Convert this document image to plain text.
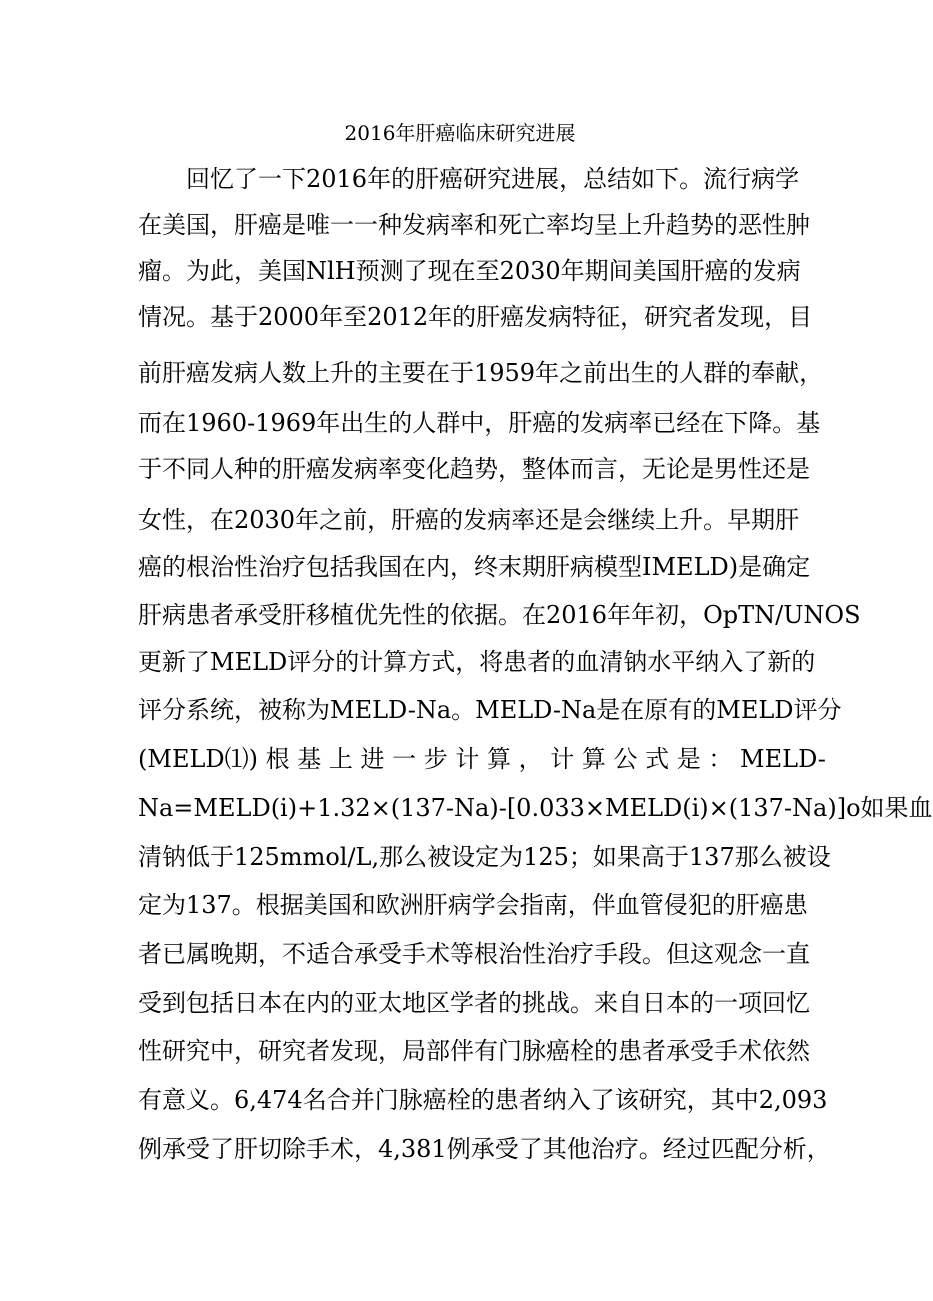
2016年肝癌临床研究进展
回忆了一下2016年的肝癌研究进展，总结如下。流行病学
在美国，肝癌是唯一一种发病率和死亡率均呈上升趋势的恶性肿
瘤。为此，美国NlH预测了现在至2030年期间美国肝癌的发病
情况。基于2000年至2012年的肝癌发病特征，研究者发现，目
前肝癌发病人数上升的主要在于1959年之前出生的人群的奉献，
而在1960-1969年出生的人群中，肝癌的发病率已经在下降。基
于不同人种的肝癌发病率变化趋势，整体而言，无论是男性还是
女性，在2030年之前，肝癌的发病率还是会继续上升。早期肝
癌的根治性治疗包括我国在内，终末期肝病模型IMELD)是确定
肝病患者承受肝移植优先性的依据。在2016年年初，OpTN/UNOS
更新了MELD评分的计算方式，将患者的血清钠水平纳入了新的
评分系统，被称为MELD-Na。MELD-Na是在原有的MELD评分
(MELD⑴) 根 基 上 进 一 步 计 算 ， 计 算 公 式 是 ： MELD-
Na=MELD(i)+1.32×(137-Na)-[0.033×MELD(i)×(137-Na)]o如果血
清钠低于125mmol∕L,那么被设定为125；如果高于137那么被设
定为137。根据美国和欧洲肝病学会指南，伴血管侵犯的肝癌患
者已属晚期，不适合承受手术等根治性治疗手段。但这观念一直
受到包括日本在内的亚太地区学者的挑战。来自日本的一项回忆
性研究中，研究者发现，局部伴有门脉癌栓的患者承受手术依然
有意义。6,474名合并门脉癌栓的患者纳入了该研究，其中2,093
例承受了肝切除手术，4,381例承受了其他治疗。经过匹配分析，
